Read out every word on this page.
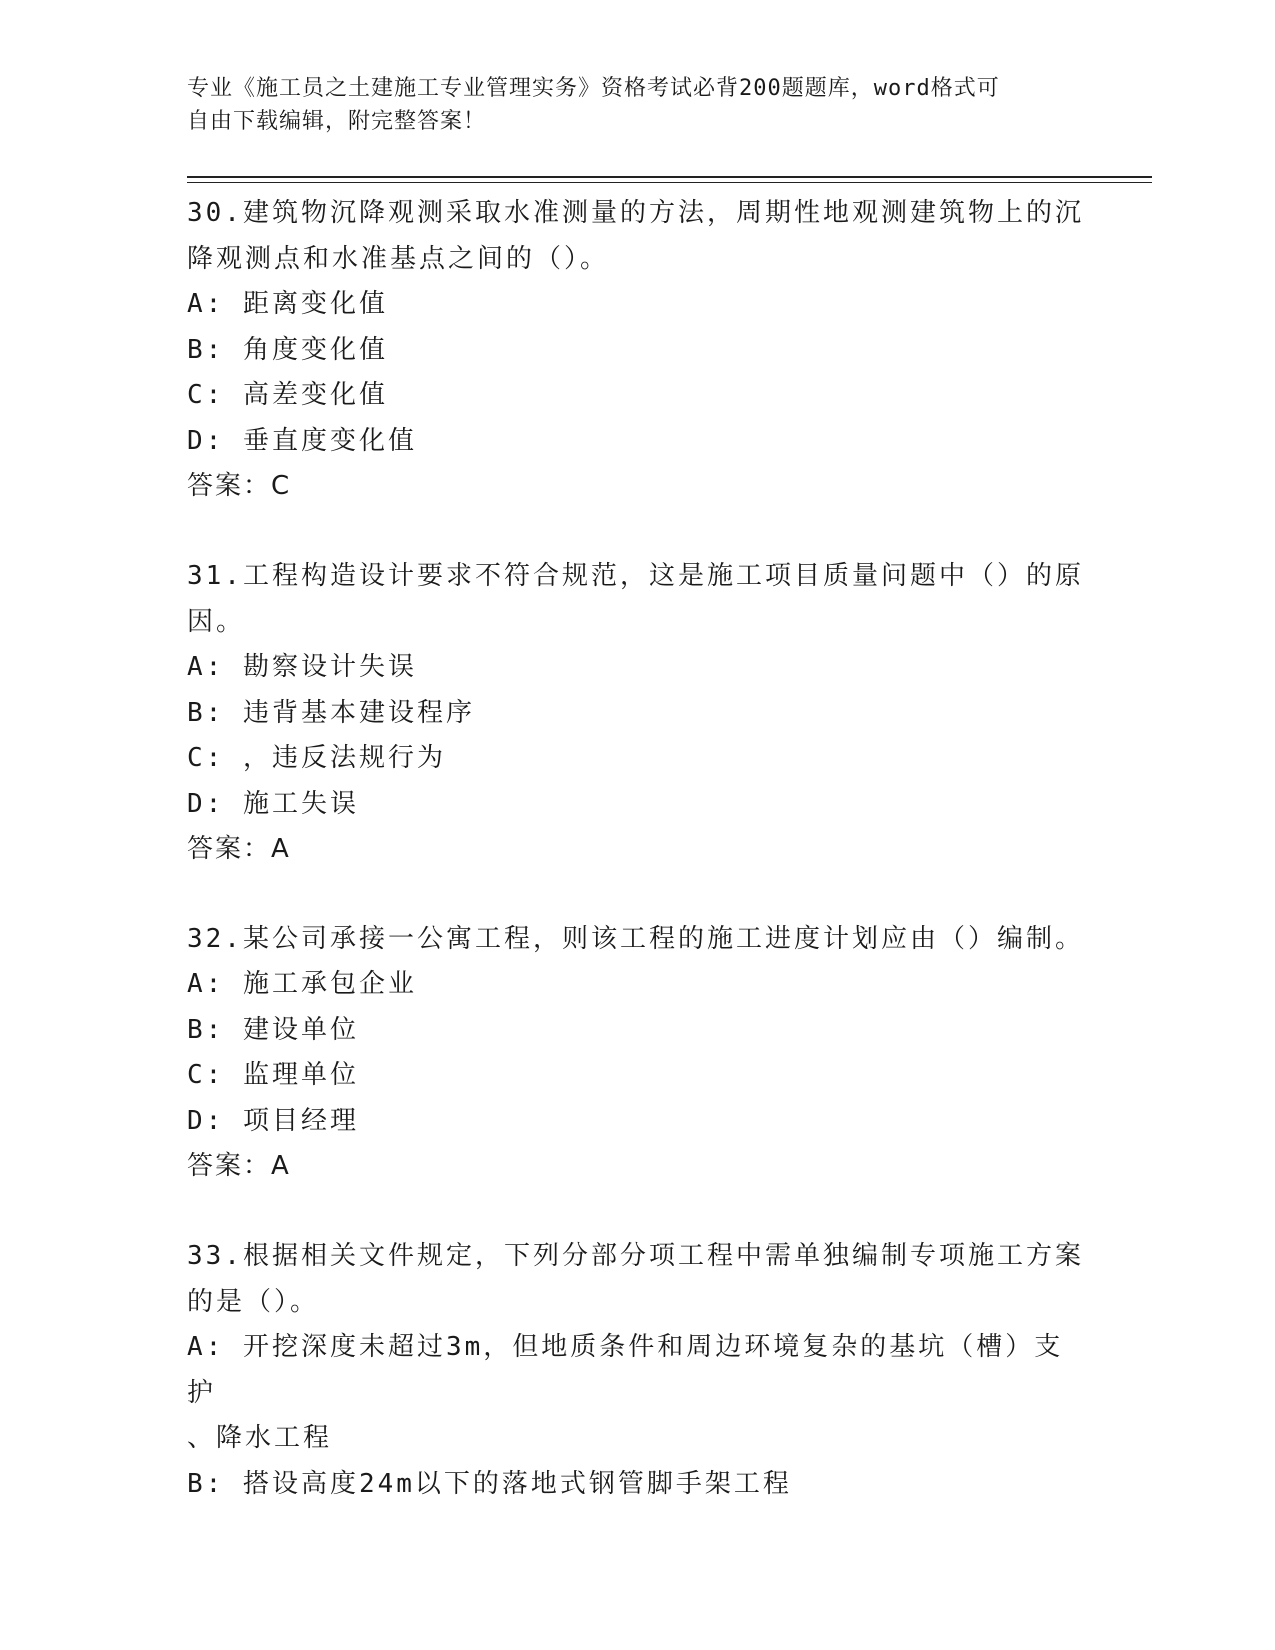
专业《施工员之土建施工专业管理实务》资格考试必背200题题库，word格式可
自由下载编辑，附完整答案！
30.建筑物沉降观测采取水准测量的方法，周期性地观测建筑物上的沉
降观测点和水准基点之间的（）。
A: 距离变化值
B: 角度变化值
C: 高差变化值
D: 垂直度变化值
答案：C
31.工程构造设计要求不符合规范，这是施工项目质量问题中（）的原
因。
A: 勘察设计失误
B: 违背基本建设程序
C: ，违反法规行为
D: 施工失误
答案：A
32.某公司承接一公寓工程，则该工程的施工进度计划应由（）编制。
A: 施工承包企业
B: 建设单位
C: 监理单位
D: 项目经理
答案：A
33.根据相关文件规定，下列分部分项工程中需单独编制专项施工方案
的是（）。
A: 开挖深度未超过3m，但地质条件和周边环境复杂的基坑（槽）支护
、降水工程
B: 搭设高度24m以下的落地式钢管脚手架工程
